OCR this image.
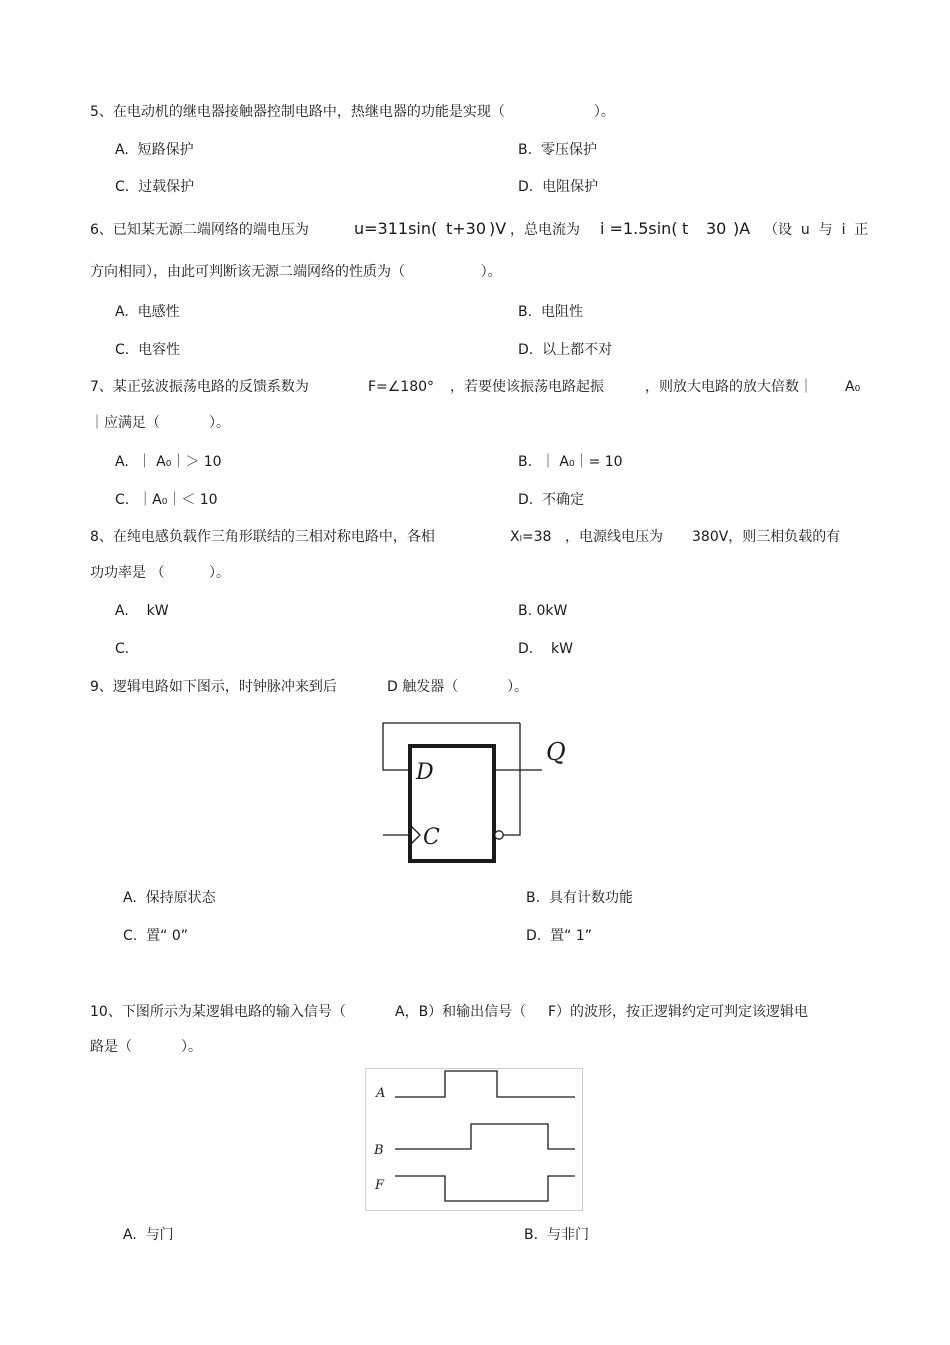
5、在电动机的继电器接触器控制电路中，热继电器的功能是实现（                    ）。
A.  短路保护	B.  零压保护
C.  过载保护	D.  电阻保护
6、已知某无源二端网络的端电压为	u=311sin( t+30 )V ，总电流为 i =1.5sin( t 30 )A （设  u  与  i  正
方向相同），由此可判断该无源二端网络的性质为（                 ）。
A.  电感性	B.  电阻性
C.  电容性	D.  以上都不对
7、某正弦波振荡电路的反馈系数为	F=∠180° ，若要使该振荡电路起振	，则放大电路的放大倍数｜ A₀
｜应满足（           ）。
A.  ｜ A₀｜＞ 10	B.  ｜ A₀｜= 10
C.  ｜A₀｜＜ 10	D.  不确定
8、在纯电感负载作三角形联结的三相对称电路中，各相	Xₗ=38 ，电源线电压为 380V，则三相负载的有
功功率是 （          ）。
A.    kW	B. 0kW
C.	D.    kW
9、逻辑电路如下图示，时钟脉冲来到后	D 触发器（           ）。
D
C
Q
A.  保持原状态	B.  具有计数功能
C.  置“ 0”	D.  置“ 1”
10、下图所示为某逻辑电路的输入信号（	A，B）和输出信号（ F）的波形，按正逻辑约定可判定该逻辑电
路是（           ）。
A
B
F
A.  与门	B.  与非门
